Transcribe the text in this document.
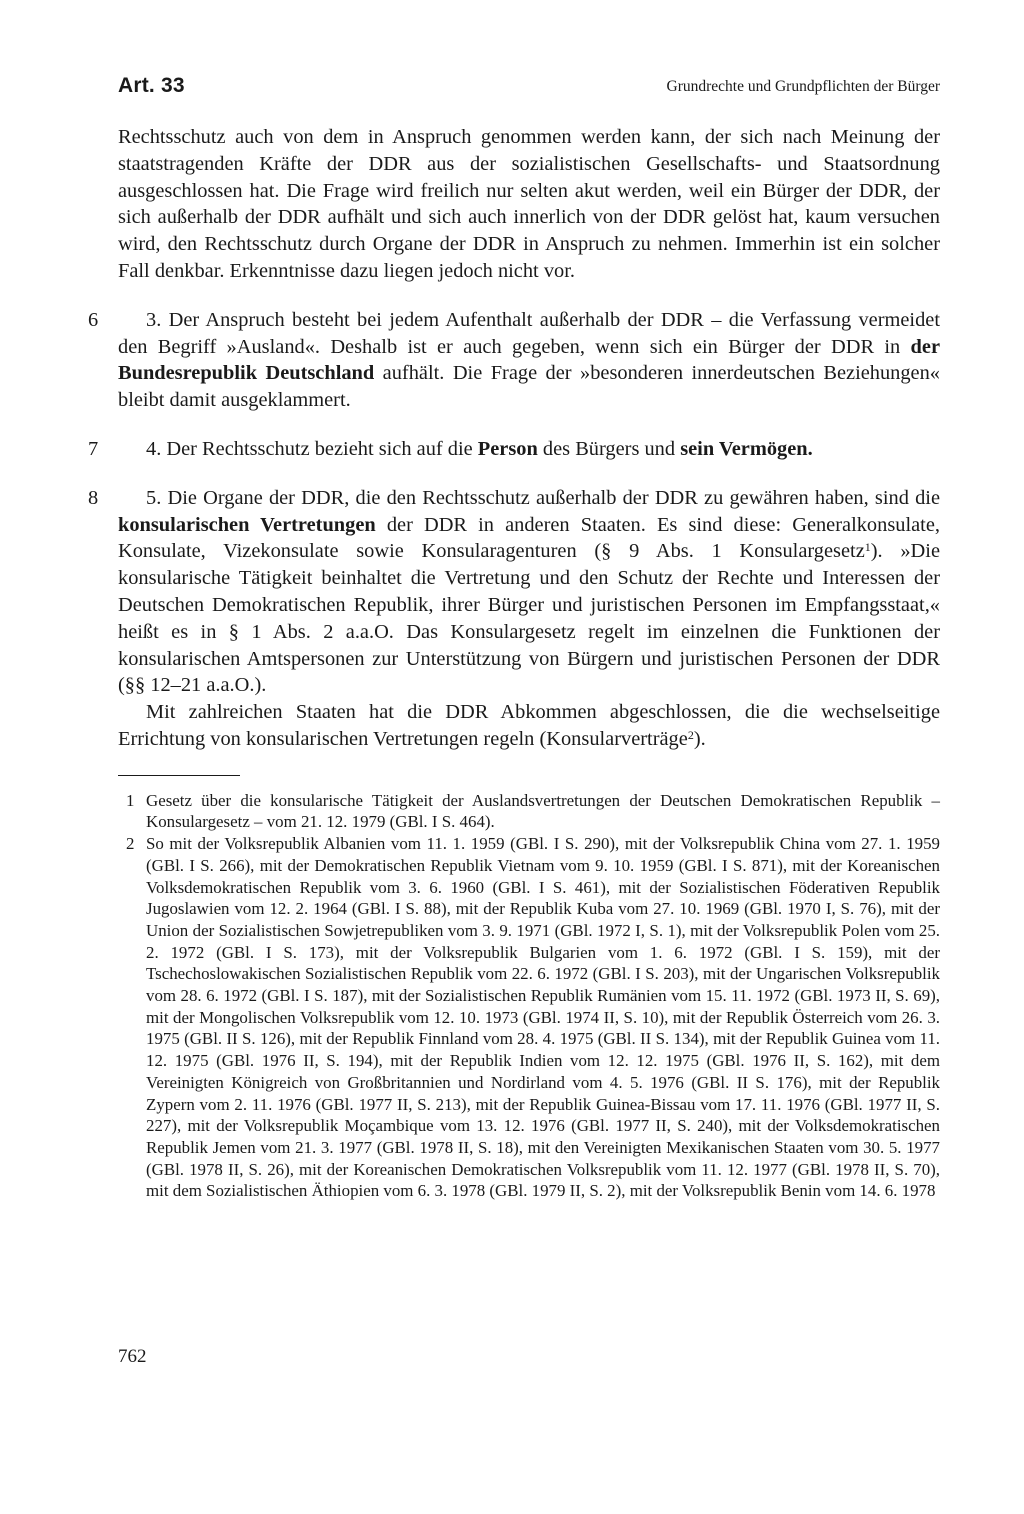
Art. 33	Grundrechte und Grundpflichten der Bürger

Rechtsschutz auch von dem in Anspruch genommen werden kann, der sich nach Meinung der staatstragenden Kräfte der DDR aus der sozialistischen Gesellschafts- und Staatsordnung ausgeschlossen hat. Die Frage wird freilich nur selten akut werden, weil ein Bürger der DDR, der sich außerhalb der DDR aufhält und sich auch innerlich von der DDR gelöst hat, kaum versuchen wird, den Rechtsschutz durch Organe der DDR in Anspruch zu nehmen. Immerhin ist ein solcher Fall denkbar. Erkenntnisse dazu liegen jedoch nicht vor.

6 3. Der Anspruch besteht bei jedem Aufenthalt außerhalb der DDR – die Verfassung vermeidet den Begriff »Ausland«. Deshalb ist er auch gegeben, wenn sich ein Bürger der DDR in der Bundesrepublik Deutschland aufhält. Die Frage der »besonderen innerdeutschen Beziehungen« bleibt damit ausgeklammert.

7 4. Der Rechtsschutz bezieht sich auf die Person des Bürgers und sein Vermögen.

8 5. Die Organe der DDR, die den Rechtsschutz außerhalb der DDR zu gewähren haben, sind die konsularischen Vertretungen der DDR in anderen Staaten. Es sind diese: Generalkonsulate, Konsulate, Vizekonsulate sowie Konsularagenturen (§ 9 Abs. 1 Konsulargesetz$^1$). »Die konsularische Tätigkeit beinhaltet die Vertretung und den Schutz der Rechte und Interessen der Deutschen Demokratischen Republik, ihrer Bürger und juristischen Personen im Empfangsstaat,« heißt es in § 1 Abs. 2 a.a.O. Das Konsulargesetz regelt im einzelnen die Funktionen der konsularischen Amtspersonen zur Unterstützung von Bürgern und juristischen Personen der DDR (§§ 12–21 a.a.O.).

Mit zahlreichen Staaten hat die DDR Abkommen abgeschlossen, die die wechselseitige Errichtung von konsularischen Vertretungen regeln (Konsularverträge$^2$).

1 Gesetz über die konsularische Tätigkeit der Auslandsvertretungen der Deutschen Demokratischen Republik – Konsulargesetz – vom 21. 12. 1979 (GBl. I S. 464).

2 So mit der Volksrepublik Albanien vom 11. 1. 1959 (GBl. I S. 290), mit der Volksrepublik China vom 27. 1. 1959 (GBl. I S. 266), mit der Demokratischen Republik Vietnam vom 9. 10. 1959 (GBl. I S. 871), mit der Koreanischen Volksdemokratischen Republik vom 3. 6. 1960 (GBl. I S. 461), mit der Sozialistischen Föderativen Republik Jugoslawien vom 12. 2. 1964 (GBl. I S. 88), mit der Republik Kuba vom 27. 10. 1969 (GBl. 1970 I, S. 76), mit der Union der Sozialistischen Sowjetrepubliken vom 3. 9. 1971 (GBl. 1972 I, S. 1), mit der Volksrepublik Polen vom 25. 2. 1972 (GBl. I S. 173), mit der Volksrepublik Bulgarien vom 1. 6. 1972 (GBl. I S. 159), mit der Tschechoslowakischen Sozialistischen Republik vom 22. 6. 1972 (GBl. I S. 203), mit der Ungarischen Volksrepublik vom 28. 6. 1972 (GBl. I S. 187), mit der Sozialistischen Republik Rumänien vom 15. 11. 1972 (GBl. 1973 II, S. 69), mit der Mongolischen Volksrepublik vom 12. 10. 1973 (GBl. 1974 II, S. 10), mit der Republik Österreich vom 26. 3. 1975 (GBl. II S. 126), mit der Republik Finnland vom 28. 4. 1975 (GBl. II S. 134), mit der Republik Guinea vom 11. 12. 1975 (GBl. 1976 II, S. 194), mit der Republik Indien vom 12. 12. 1975 (GBl. 1976 II, S. 162), mit dem Vereinigten Königreich von Großbritannien und Nordirland vom 4. 5. 1976 (GBl. II S. 176), mit der Republik Zypern vom 2. 11. 1976 (GBl. 1977 II, S. 213), mit der Republik Guinea-Bissau vom 17. 11. 1976 (GBl. 1977 II, S. 227), mit der Volksrepublik Moçambique vom 13. 12. 1976 (GBl. 1977 II, S. 240), mit der Volksdemokratischen Republik Jemen vom 21. 3. 1977 (GBl. 1978 II, S. 18), mit den Vereinigten Mexikanischen Staaten vom 30. 5. 1977 (GBl. 1978 II, S. 26), mit der Koreanischen Demokratischen Volksrepublik vom 11. 12. 1977 (GBl. 1978 II, S. 70), mit dem Sozialistischen Äthiopien vom 6. 3. 1978 (GBl. 1979 II, S. 2), mit der Volksrepublik Benin vom 14. 6. 1978

762
